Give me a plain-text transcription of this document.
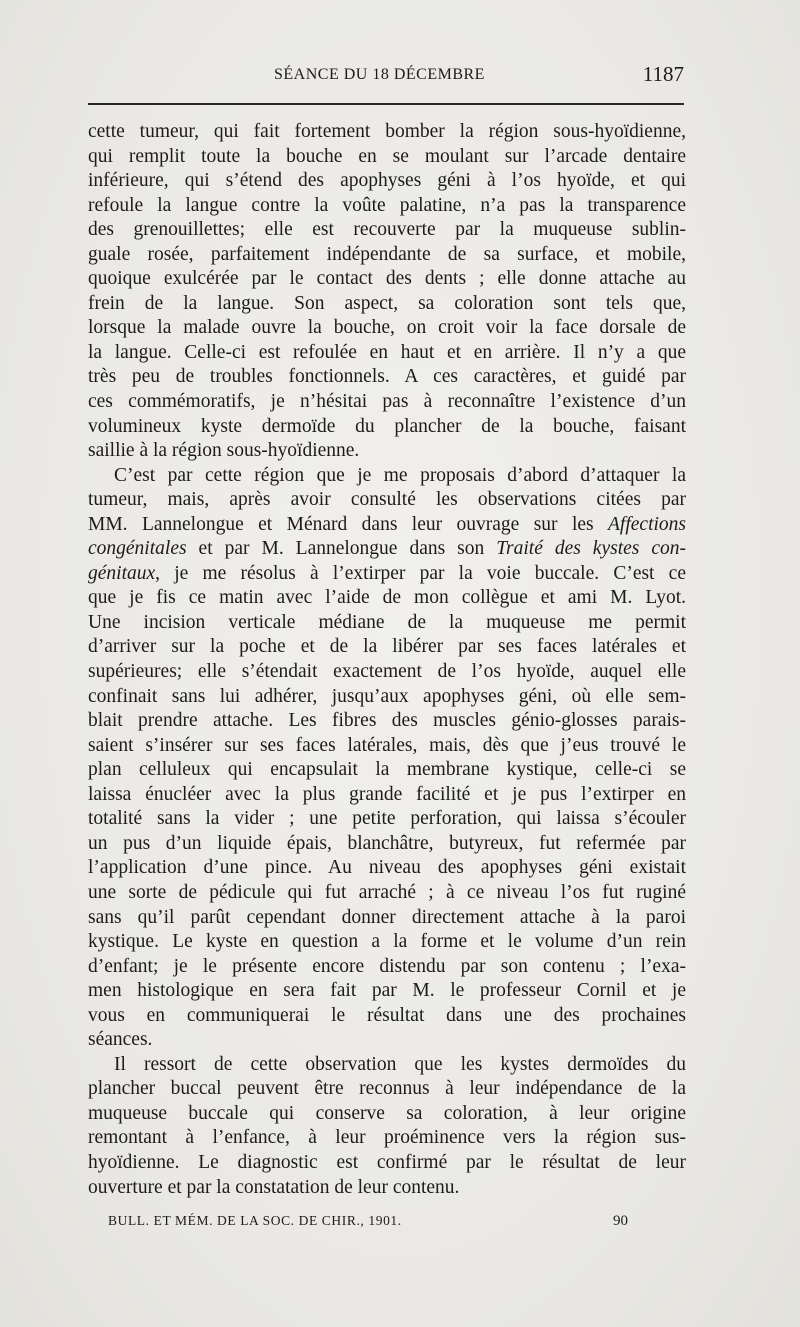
SÉANCE DU 18 DÉCEMBRE	1187
cette tumeur, qui fait fortement bomber la région sous-hyoïdienne,
qui remplit toute la bouche en se moulant sur l’arcade dentaire
inférieure, qui s’étend des apophyses géni à l’os hyoïde, et qui
refoule la langue contre la voûte palatine, n’a pas la transparence
des grenouillettes; elle est recouverte par la muqueuse sublin-
guale rosée, parfaitement indépendante de sa surface, et mobile,
quoique exulcérée par le contact des dents ; elle donne attache au
frein de la langue. Son aspect, sa coloration sont tels que,
lorsque la malade ouvre la bouche, on croit voir la face dorsale de
la langue. Celle-ci est refoulée en haut et en arrière. Il n’y a que
très peu de troubles fonctionnels. A ces caractères, et guidé par
ces commémoratifs, je n’hésitai pas à reconnaître l’existence d’un
volumineux kyste dermoïde du plancher de la bouche, faisant
saillie à la région sous-hyoïdienne.
C’est par cette région que je me proposais d’abord d’attaquer la
tumeur, mais, après avoir consulté les observations citées par
MM. Lannelongue et Ménard dans leur ouvrage sur les Affections
congénitales et par M. Lannelongue dans son Traité des kystes con-
génitaux, je me résolus à l’extirper par la voie buccale. C’est ce
que je fis ce matin avec l’aide de mon collègue et ami M. Lyot.
Une incision verticale médiane de la muqueuse me permit
d’arriver sur la poche et de la libérer par ses faces latérales et
supérieures; elle s’étendait exactement de l’os hyoïde, auquel elle
confinait sans lui adhérer, jusqu’aux apophyses géni, où elle sem-
blait prendre attache. Les fibres des muscles génio-glosses parais-
saient s’insérer sur ses faces latérales, mais, dès que j’eus trouvé le
plan celluleux qui encapsulait la membrane kystique, celle-ci se
laissa énucléer avec la plus grande facilité et je pus l’extirper en
totalité sans la vider ; une petite perforation, qui laissa s’écouler
un pus d’un liquide épais, blanchâtre, butyreux, fut refermée par
l’application d’une pince. Au niveau des apophyses géni existait
une sorte de pédicule qui fut arraché ; à ce niveau l’os fut ruginé
sans qu’il parût cependant donner directement attache à la paroi
kystique. Le kyste en question a la forme et le volume d’un rein
d’enfant; je le présente encore distendu par son contenu ; l’exa-
men histologique en sera fait par M. le professeur Cornil et je
vous en communiquerai le résultat dans une des prochaines
séances.
Il ressort de cette observation que les kystes dermoïdes du
plancher buccal peuvent être reconnus à leur indépendance de la
muqueuse buccale qui conserve sa coloration, à leur origine
remontant à l’enfance, à leur proéminence vers la région sus-
hyoïdienne. Le diagnostic est confirmé par le résultat de leur
ouverture et par la constatation de leur contenu.
BULL. ET MÉM. DE LA SOC. DE CHIR., 1901.	90
